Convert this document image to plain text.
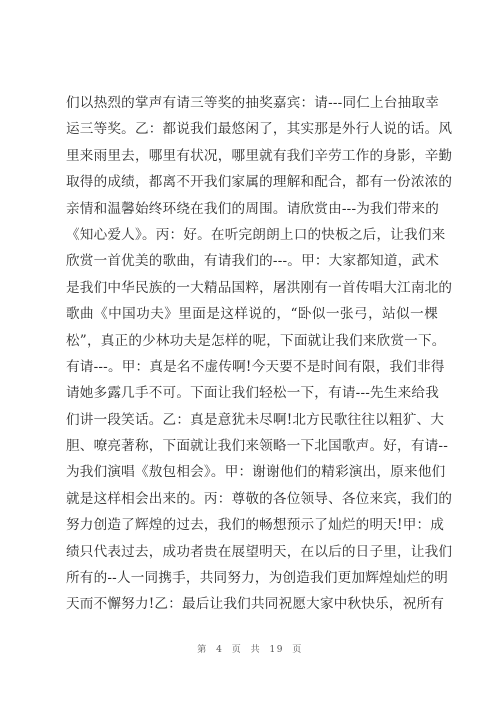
们以热烈的掌声有请三等奖的抽奖嘉宾：请---同仁上台抽取幸
运三等奖。乙：都说我们最悠闲了，其实那是外行人说的话。风
里来雨里去，哪里有状况，哪里就有我们辛劳工作的身影，辛勤
取得的成绩，都离不开我们家属的理解和配合，都有一份浓浓的
亲情和温馨始终环绕在我们的周围。请欣赏由---为我们带来的
《知心爱人》。丙：好。在听完朗朗上口的快板之后，让我们来
欣赏一首优美的歌曲，有请我们的---。甲：大家都知道，武术
是我们中华民族的一大精品国粹，屠洪刚有一首传唱大江南北的
歌曲《中国功夫》里面是这样说的，“卧似一张弓，站似一棵
松”，真正的少林功夫是怎样的呢，下面就让我们来欣赏一下。
有请---。甲：真是名不虚传啊!今天要不是时间有限，我们非得
请她多露几手不可。下面让我们轻松一下，有请---先生来给我
们讲一段笑话。乙：真是意犹未尽啊!北方民歌往往以粗犷、大
胆、嘹亮著称，下面就让我们来领略一下北国歌声。好，有请--
为我们演唱《敖包相会》。甲：谢谢他们的精彩演出，原来他们
就是这样相会出来的。丙：尊敬的各位领导、各位来宾，我们的
努力创造了辉煌的过去，我们的畅想预示了灿烂的明天!甲：成
绩只代表过去，成功者贵在展望明天，在以后的日子里，让我们
所有的--人一同携手，共同努力，为创造我们更加辉煌灿烂的明
天而不懈努力!乙：最后让我们共同祝愿大家中秋快乐，祝所有
第 4 页 共 19 页
